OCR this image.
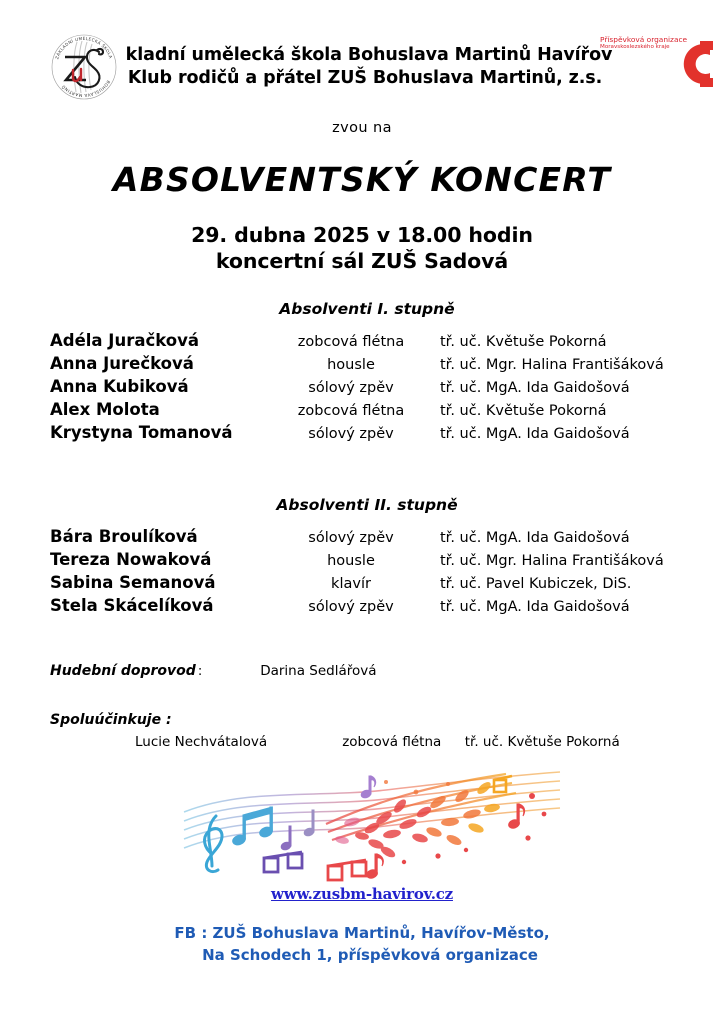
ZÁKLADNÍ UMĚLECKÁ ŠKOLA
BOHUSLAVA MARTINŮ
kladní umělecká škola Bohuslava Martinů Havířov
Klub rodičů a přátel ZUŠ Bohuslava Martinů, z.s.
Příspěvková organizace
Moravskoslezského kraje
zvou na
ABSOLVENTSKÝ KONCERT
29. dubna 2025 v 18.00 hodin
koncertní sál ZUŠ Sadová
Absolventi I. stupně
Adéla Juračková	zobcová flétna	tř. uč. Květuše Pokorná
Anna Jurečková	housle	tř. uč. Mgr. Halina Františáková
Anna Kubiková	sólový zpěv	tř. uč. MgA. Ida Gaidošová
Alex Molota	zobcová flétna	tř. uč. Květuše Pokorná
Krystyna Tomanová	sólový zpěv	tř. uč. MgA. Ida Gaidošová
Absolventi II. stupně
Bára Broulíková	sólový zpěv	tř. uč. MgA. Ida Gaidošová
Tereza Nowaková	housle	tř. uč. Mgr. Halina Františáková
Sabina Semanová	klavír	tř. uč. Pavel Kubiczek, DiS.
Stela Skácelíková	sólový zpěv	tř. uč. MgA. Ida Gaidošová
Hudební doprovod :	Darina Sedlářová
Spoluúčinkuje :
Lucie Nechvátalová	zobcová flétna	tř. uč. Květuše Pokorná
www.zusbm-havirov.cz
FB : ZUŠ Bohuslava Martinů, Havířov-Město,
Na Schodech 1, příspěvková organizace
